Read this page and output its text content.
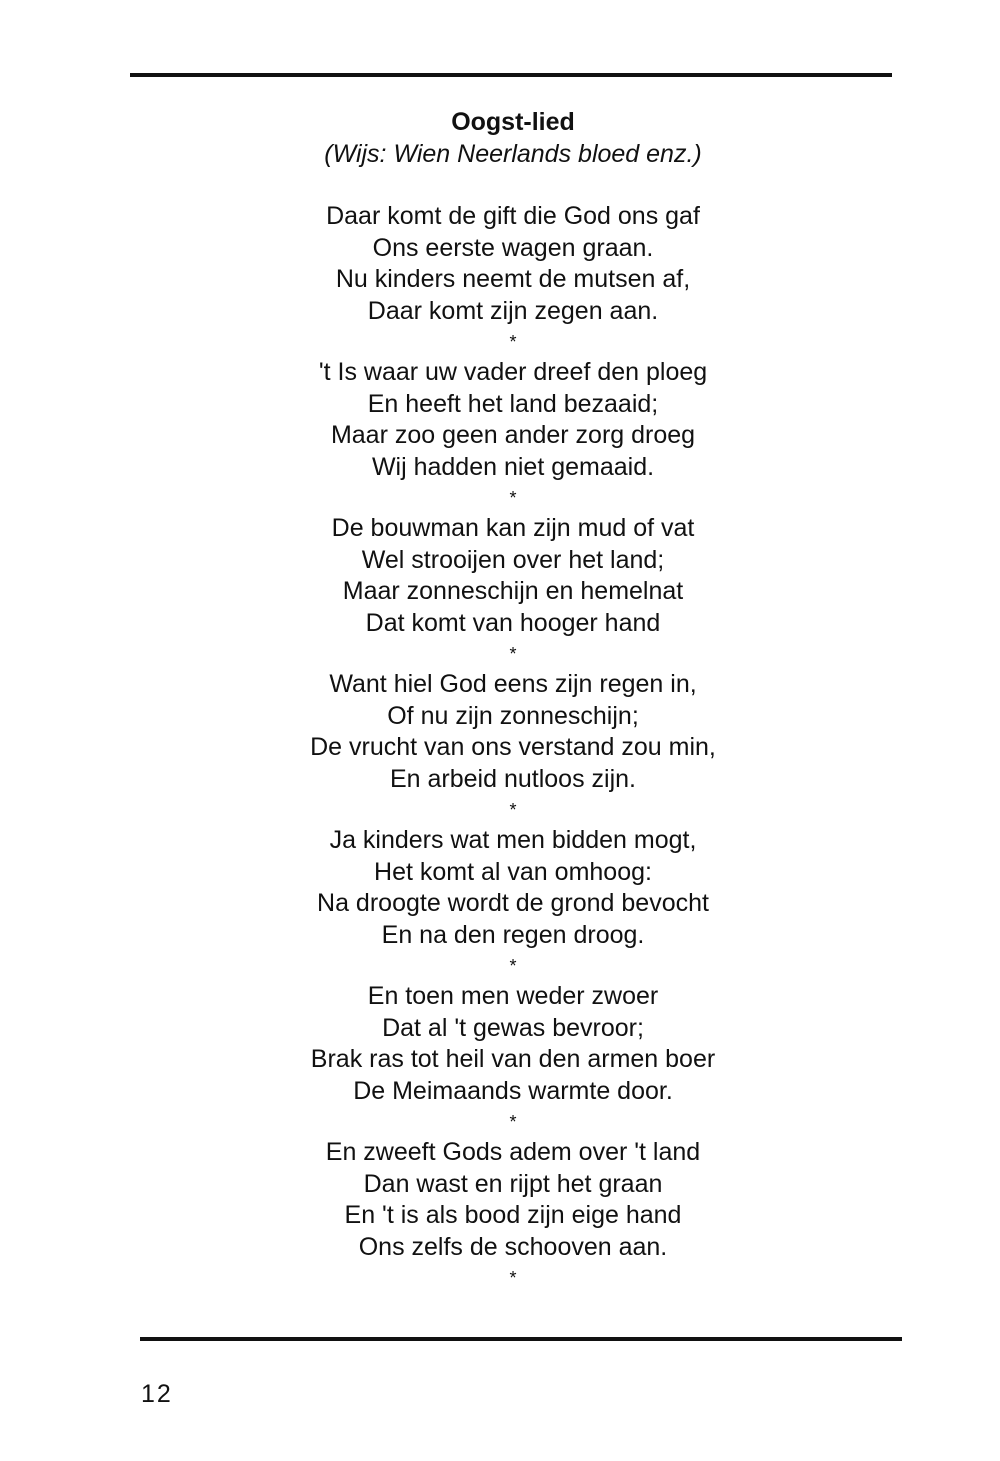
Oogst-lied

(Wijs: Wien Neerlands bloed enz.)

Daar komt de gift die God ons gaf

Ons eerste wagen graan.

Nu kinders neemt de mutsen af,

Daar komt zijn zegen aan.

*

't Is waar uw vader dreef den ploeg

En heeft het land bezaaid;

Maar zoo geen ander zorg droeg

Wij hadden niet gemaaid.

*

De bouwman kan zijn mud of vat

Wel strooijen over het land;

Maar zonneschijn en hemelnat

Dat komt van hooger hand

*

Want hiel God eens zijn regen in,

Of nu zijn zonneschijn;

De vrucht van ons verstand zou min,

En arbeid nutloos zijn.

*

Ja kinders wat men bidden mogt,

Het komt al van omhoog:

Na droogte wordt de grond bevocht

En na den regen droog.

*

En toen men weder zwoer

Dat al 't gewas bevroor;

Brak ras tot heil van den armen boer

De Meimaands warmte door.

*

En zweeft Gods adem over 't land

Dan wast en rijpt het graan

En 't is als bood zijn eige hand

Ons zelfs de schooven aan.

*

12
